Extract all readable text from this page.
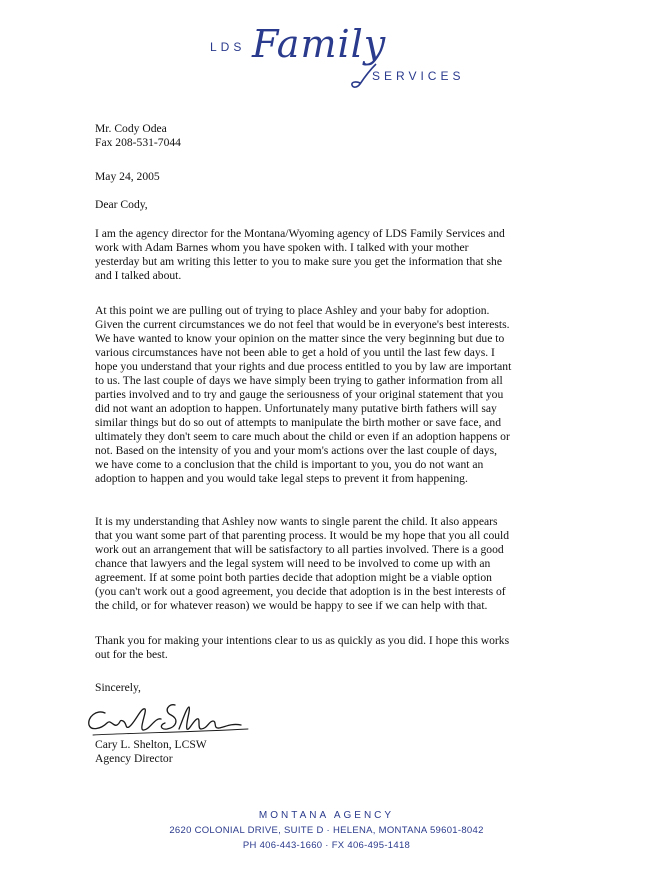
LDS Family
SERVICES
Mr. Cody Odea
Fax 208-531-7044
May 24, 2005
Dear Cody,
I am the agency director for the Montana/Wyoming agency of LDS Family Services and
work with Adam Barnes whom you have spoken with. I talked with your mother
yesterday but am writing this letter to you to make sure you get the information that she
and I talked about.
At this point we are pulling out of trying to place Ashley and your baby for adoption.
Given the current circumstances we do not feel that would be in everyone's best interests.
We have wanted to know your opinion on the matter since the very beginning but due to
various circumstances have not been able to get a hold of you until the last few days. I
hope you understand that your rights and due process entitled to you by law are important
to us. The last couple of days we have simply been trying to gather information from all
parties involved and to try and gauge the seriousness of your original statement that you
did not want an adoption to happen. Unfortunately many putative birth fathers will say
similar things but do so out of attempts to manipulate the birth mother or save face, and
ultimately they don't seem to care much about the child or even if an adoption happens or
not. Based on the intensity of you and your mom's actions over the last couple of days,
we have come to a conclusion that the child is important to you, you do not want an
adoption to happen and you would take legal steps to prevent it from happening.
It is my understanding that Ashley now wants to single parent the child. It also appears
that you want some part of that parenting process. It would be my hope that you all could
work out an arrangement that will be satisfactory to all parties involved. There is a good
chance that lawyers and the legal system will need to be involved to come up with an
agreement. If at some point both parties decide that adoption might be a viable option
(you can't work out a good agreement, you decide that adoption is in the best interests of
the child, or for whatever reason) we would be happy to see if we can help with that.
Thank you for making your intentions clear to us as quickly as you did. I hope this works
out for the best.
Sincerely,
Cary L. Shelton, LCSW
Agency Director
MONTANA AGENCY
2620 COLONIAL DRIVE, SUITE D · HELENA, MONTANA 59601-8042
PH 406-443-1660 · FX 406-495-1418
